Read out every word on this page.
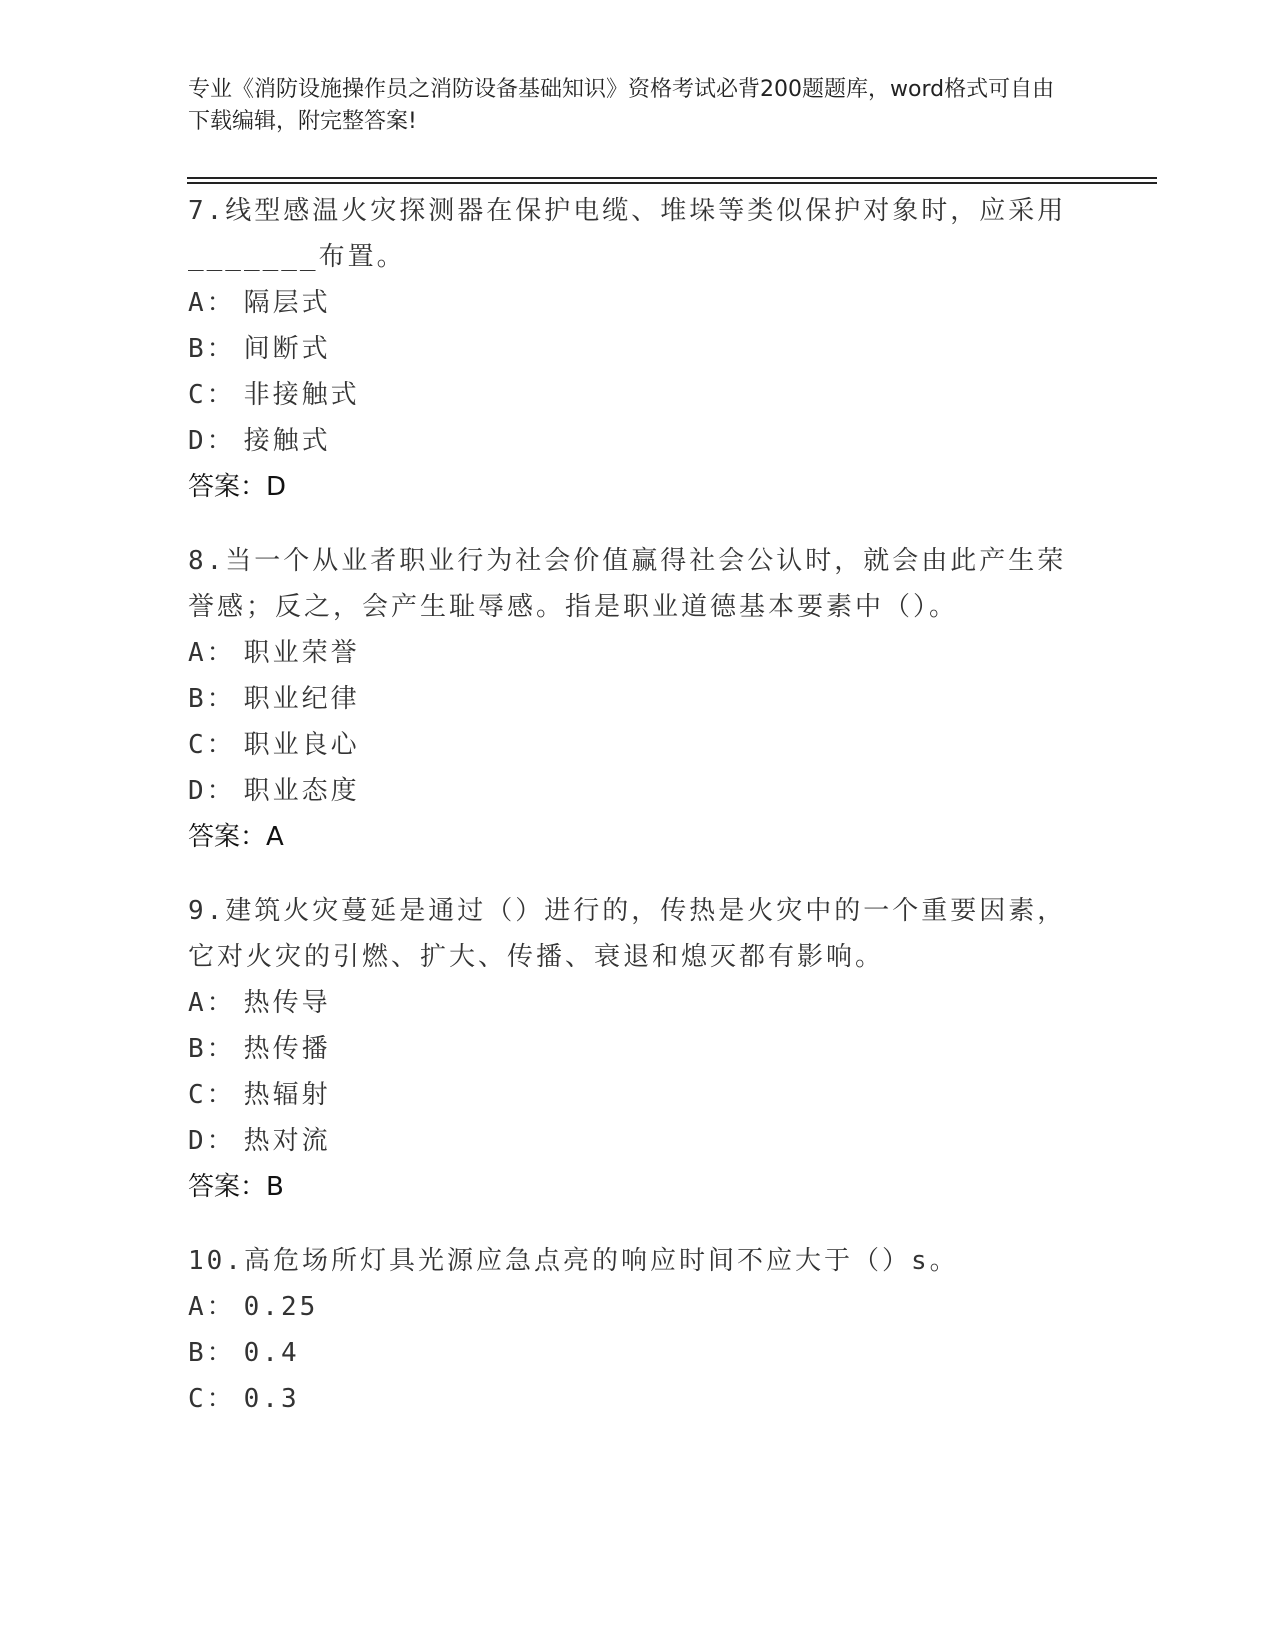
专业《消防设施操作员之消防设备基础知识》资格考试必背200题题库，word格式可自由下载编辑，附完整答案!
7.线型感温火灾探测器在保护电缆、堆垛等类似保护对象时，应采用_______布置。
A： 隔层式
B： 间断式
C： 非接触式
D： 接触式
答案：D
8.当一个从业者职业行为社会价值赢得社会公认时，就会由此产生荣誉感；反之，会产生耻辱感。指是职业道德基本要素中（）。
A： 职业荣誉
B： 职业纪律
C： 职业良心
D： 职业态度
答案：A
9.建筑火灾蔓延是通过（）进行的，传热是火灾中的一个重要因素，它对火灾的引燃、扩大、传播、衰退和熄灭都有影响。
A： 热传导
B： 热传播
C： 热辐射
D： 热对流
答案：B
10.高危场所灯具光源应急点亮的响应时间不应大于（）s。
A： 0.25
B： 0.4
C： 0.3
